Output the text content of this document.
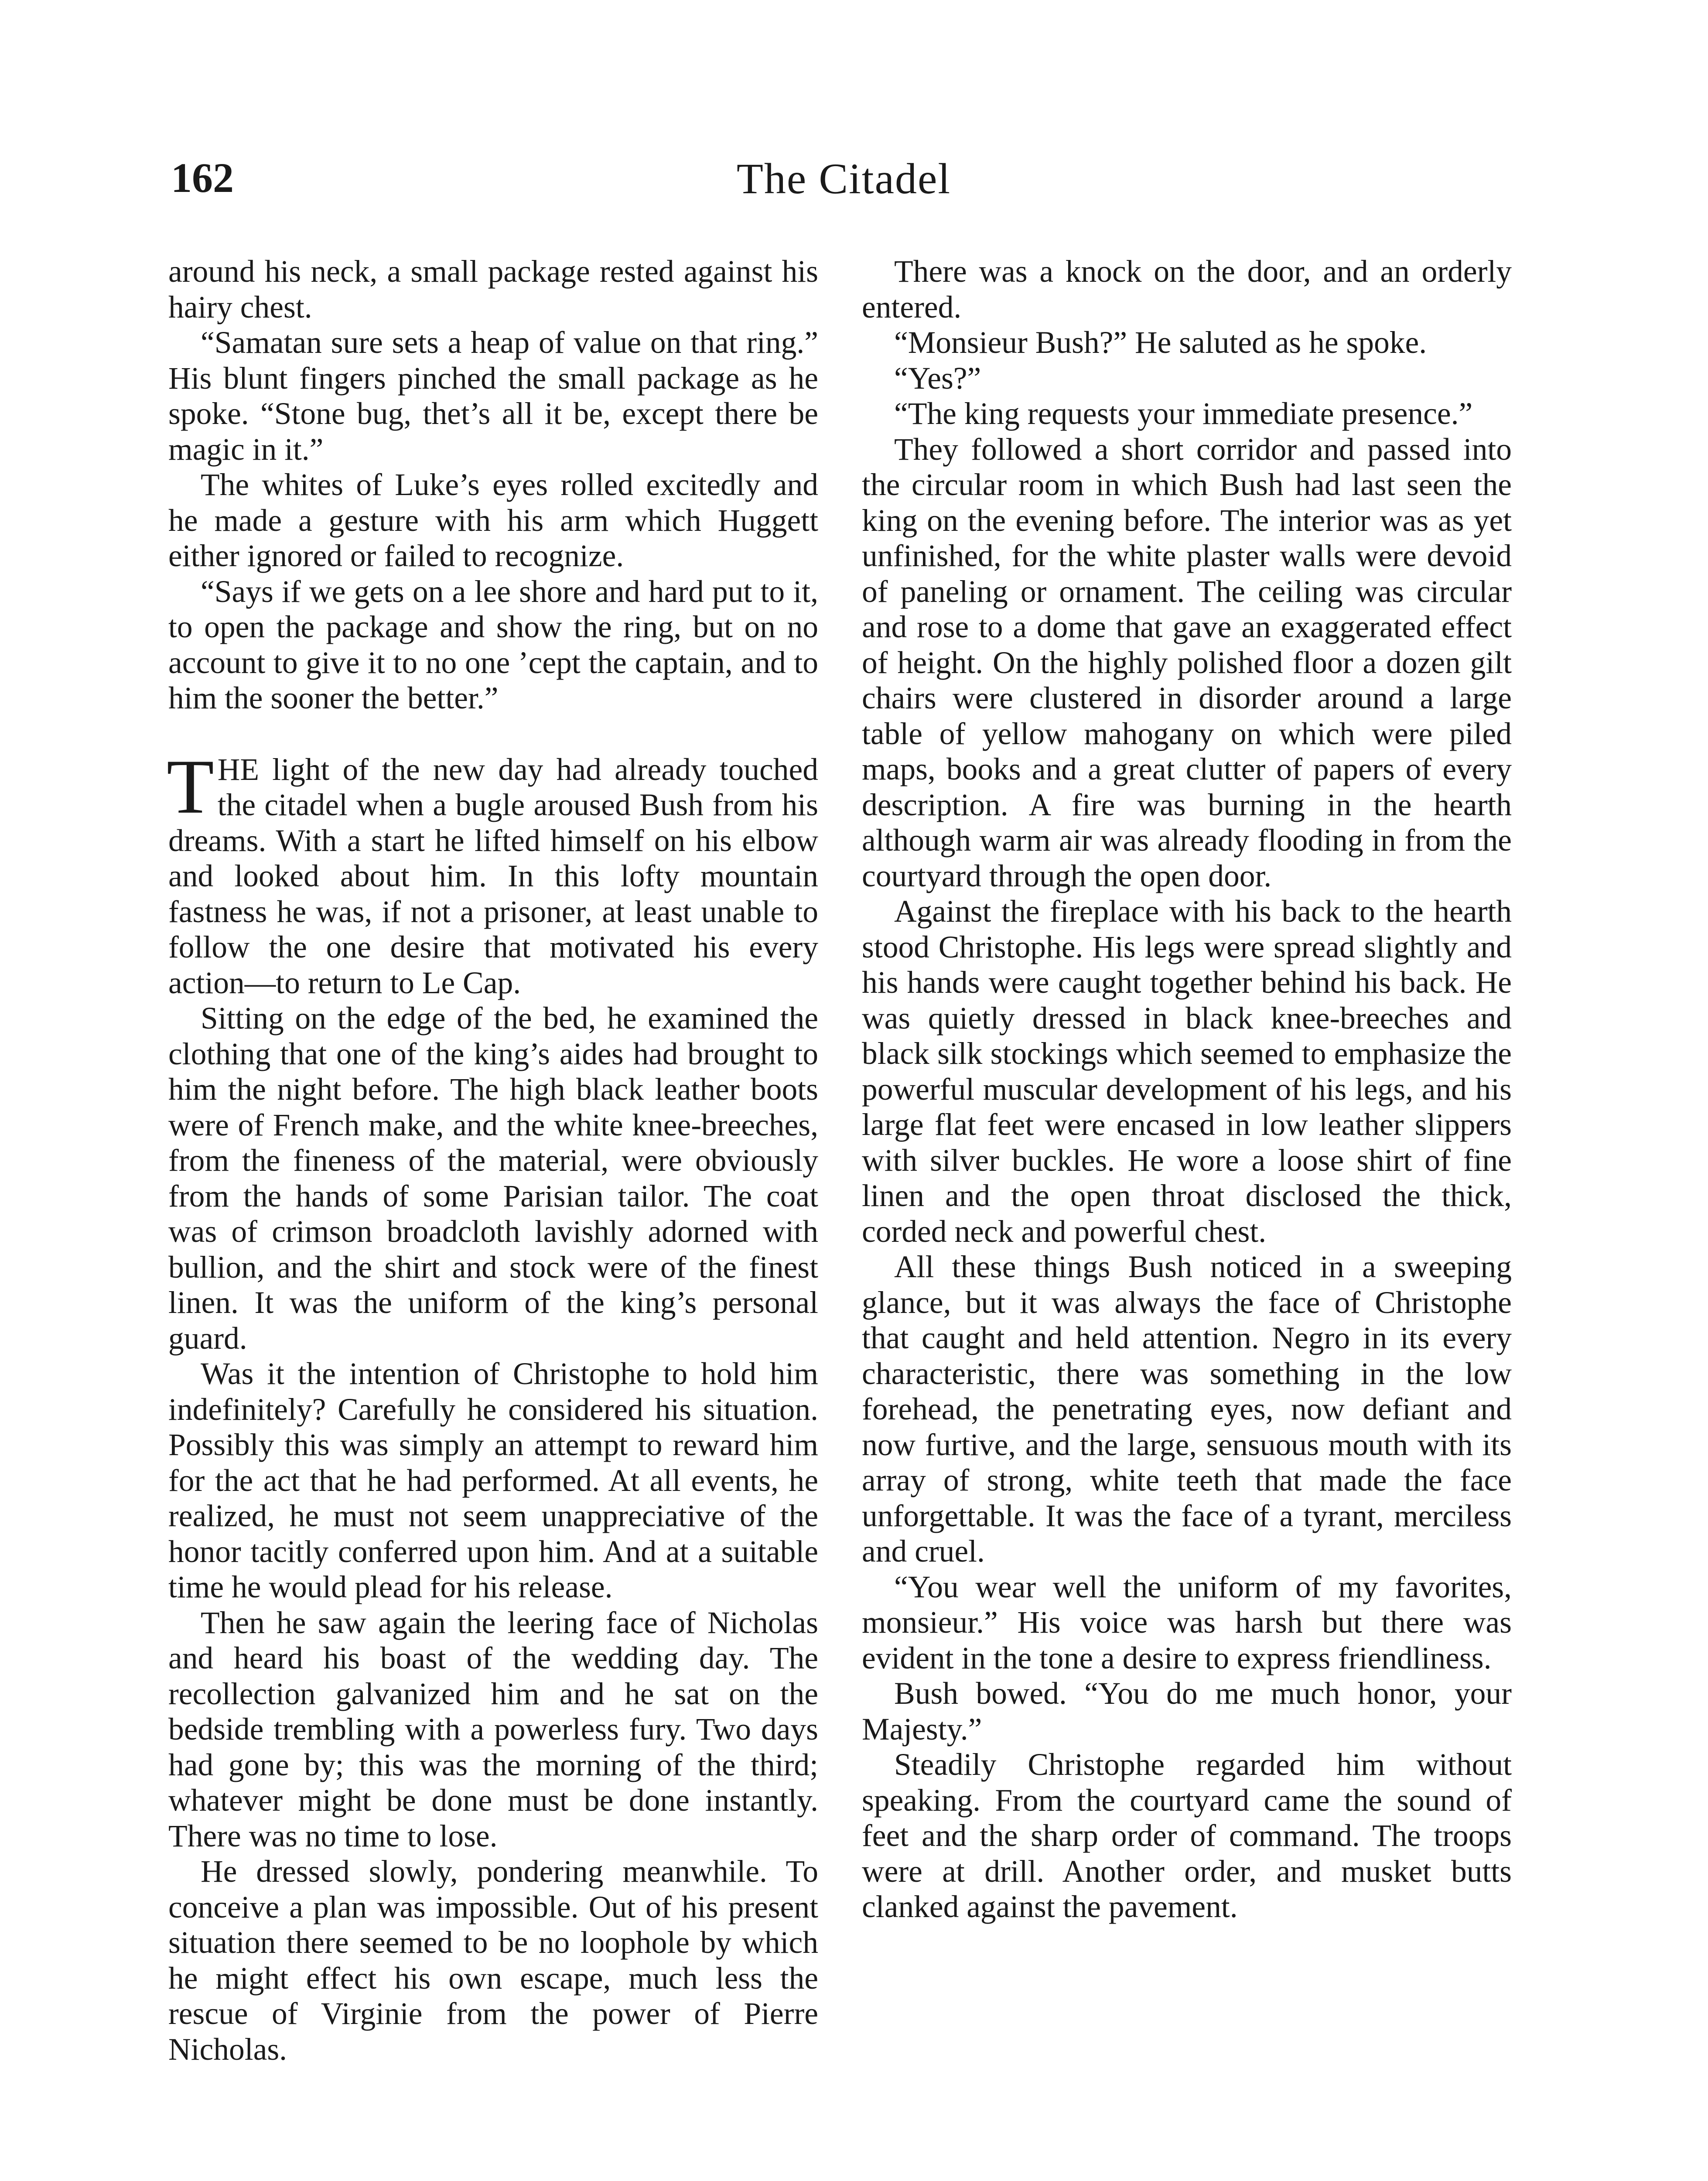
162	The Citadel

around his neck, a small package rested against his hairy chest.

“Samatan sure sets a heap of value on that ring.” His blunt fingers pinched the small package as he spoke. “Stone bug, thet’s all it be, except there be magic in it.”

The whites of Luke’s eyes rolled excitedly and he made a gesture with his arm which Huggett either ignored or failed to recognize.

“Says if we gets on a lee shore and hard put to it, to open the package and show the ring, but on no account to give it to no one ’cept the captain, and to him the sooner the better.”

THE light of the new day had already touched the citadel when a bugle aroused Bush from his dreams. With a start he lifted himself on his elbow and looked about him. In this lofty mountain fastness he was, if not a prisoner, at least unable to follow the one desire that motivated his every action—to return to Le Cap.

Sitting on the edge of the bed, he examined the clothing that one of the king’s aides had brought to him the night before. The high black leather boots were of French make, and the white knee-breeches, from the fineness of the material, were obviously from the hands of some Parisian tailor. The coat was of crimson broadcloth lavishly adorned with bullion, and the shirt and stock were of the finest linen. It was the uniform of the king’s personal guard.

Was it the intention of Christophe to hold him indefinitely? Carefully he considered his situation. Possibly this was simply an attempt to reward him for the act that he had performed. At all events, he realized, he must not seem unappreciative of the honor tacitly conferred upon him. And at a suitable time he would plead for his release.

Then he saw again the leering face of Nicholas and heard his boast of the wedding day. The recollection galvanized him and he sat on the bedside trembling with a powerless fury. Two days had gone by; this was the morning of the third; whatever might be done must be done instantly. There was no time to lose.

He dressed slowly, pondering meanwhile. To conceive a plan was impossible. Out of his present situation there seemed to be no loophole by which he might effect his own escape, much less the rescue of Virginie from the power of Pierre Nicholas.

There was a knock on the door, and an orderly entered.

“Monsieur Bush?” He saluted as he spoke.

“Yes?”

“The king requests your immediate presence.”

They followed a short corridor and passed into the circular room in which Bush had last seen the king on the evening before. The interior was as yet unfinished, for the white plaster walls were devoid of paneling or ornament. The ceiling was circular and rose to a dome that gave an exaggerated effect of height. On the highly polished floor a dozen gilt chairs were clustered in disorder around a large table of yellow mahogany on which were piled maps, books and a great clutter of papers of every description. A fire was burning in the hearth although warm air was already flooding in from the courtyard through the open door.

Against the fireplace with his back to the hearth stood Christophe. His legs were spread slightly and his hands were caught together behind his back. He was quietly dressed in black knee-breeches and black silk stockings which seemed to emphasize the powerful muscular development of his legs, and his large flat feet were encased in low leather slippers with silver buckles. He wore a loose shirt of fine linen and the open throat disclosed the thick, corded neck and powerful chest.

All these things Bush noticed in a sweeping glance, but it was always the face of Christophe that caught and held attention. Negro in its every characteristic, there was something in the low forehead, the penetrating eyes, now defiant and now furtive, and the large, sensuous mouth with its array of strong, white teeth that made the face unforgettable. It was the face of a tyrant, merciless and cruel.

“You wear well the uniform of my favorites, monsieur.” His voice was harsh but there was evident in the tone a desire to express friendliness.

Bush bowed. “You do me much honor, your Majesty.”

Steadily Christophe regarded him without speaking. From the courtyard came the sound of feet and the sharp order of command. The troops were at drill. Another order, and musket butts clanked against the pavement.
